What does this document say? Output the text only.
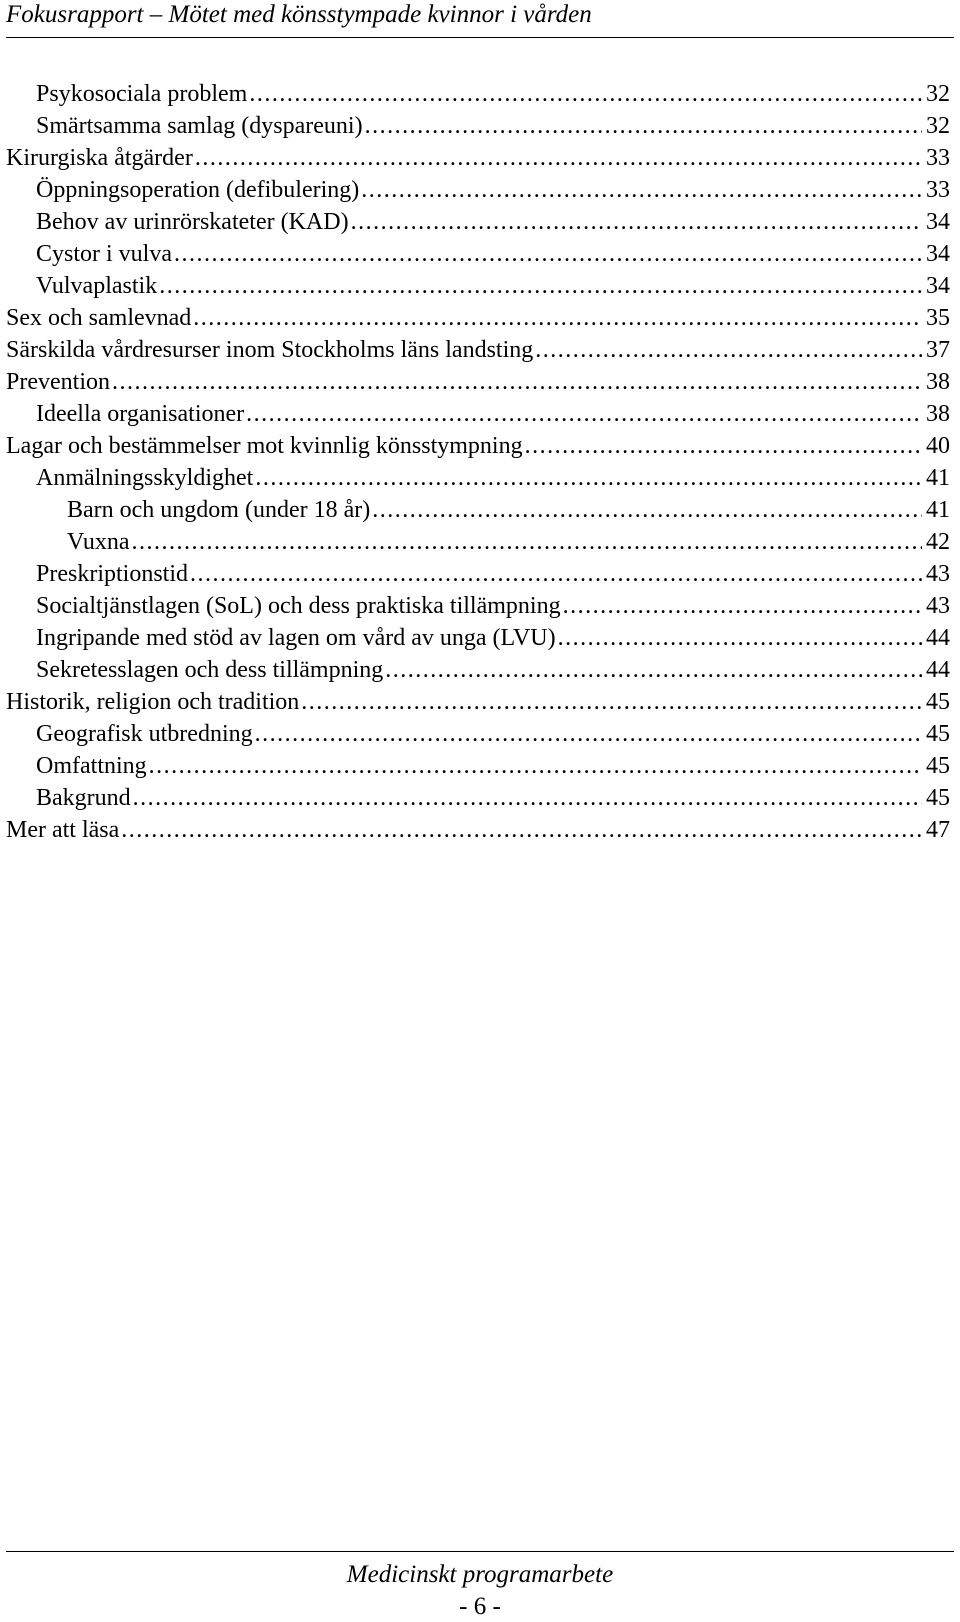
Fokusrapport – Mötet med könsstympade kvinnor i vården
Psykosociala problem .....	32
Smärtsamma samlag (dyspareuni) .....	32
Kirurgiska åtgärder .....	33
Öppningsoperation (defibulering) .....	33
Behov av urinrörskateter (KAD) .....	34
Cystor i vulva .....	34
Vulvaplastik .....	34
Sex och samlevnad .....	35
Särskilda vårdresurser inom Stockholms läns landsting .....	37
Prevention .....	38
Ideella organisationer .....	38
Lagar och bestämmelser mot kvinnlig könsstympning .....	40
Anmälningsskyldighet .....	41
Barn och ungdom (under 18 år) .....	41
Vuxna .....	42
Preskriptionstid .....	43
Socialtjänstlagen (SoL) och dess praktiska tillämpning .....	43
Ingripande med stöd av lagen om vård av unga (LVU) .....	44
Sekretesslagen och dess tillämpning .....	44
Historik, religion och tradition .....	45
Geografisk utbredning .....	45
Omfattning .....	45
Bakgrund .....	45
Mer att läsa .....	47
Medicinskt programarbete
- 6 -
